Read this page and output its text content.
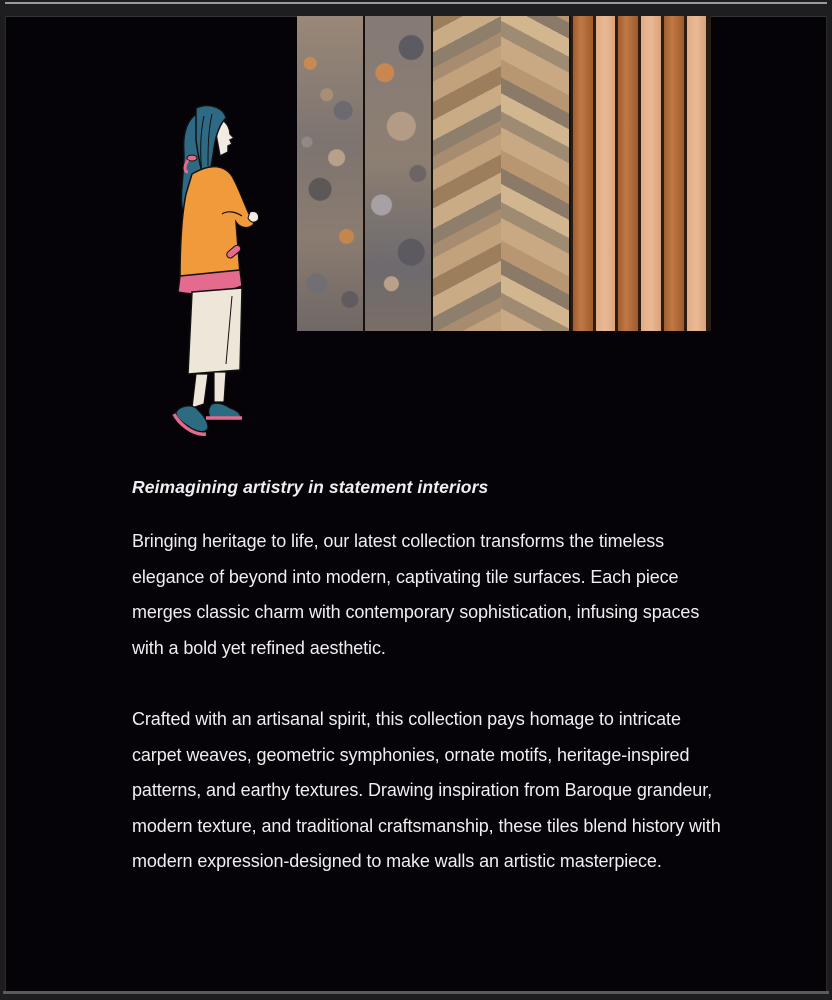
Reimagining artistry in statement interiors

Bringing heritage to life, our latest collection transforms the timeless elegance of beyond into modern, captivating tile surfaces. Each piece merges classic charm with contemporary sophistication, infusing spaces with a bold yet refined aesthetic.

Crafted with an artisanal spirit, this collection pays homage to intricate carpet weaves, geometric symphonies, ornate motifs, heritage-inspired patterns, and earthy textures. Drawing inspiration from Baroque grandeur, modern texture, and traditional craftsmanship, these tiles blend history with modern expression-designed to make walls an artistic masterpiece.
